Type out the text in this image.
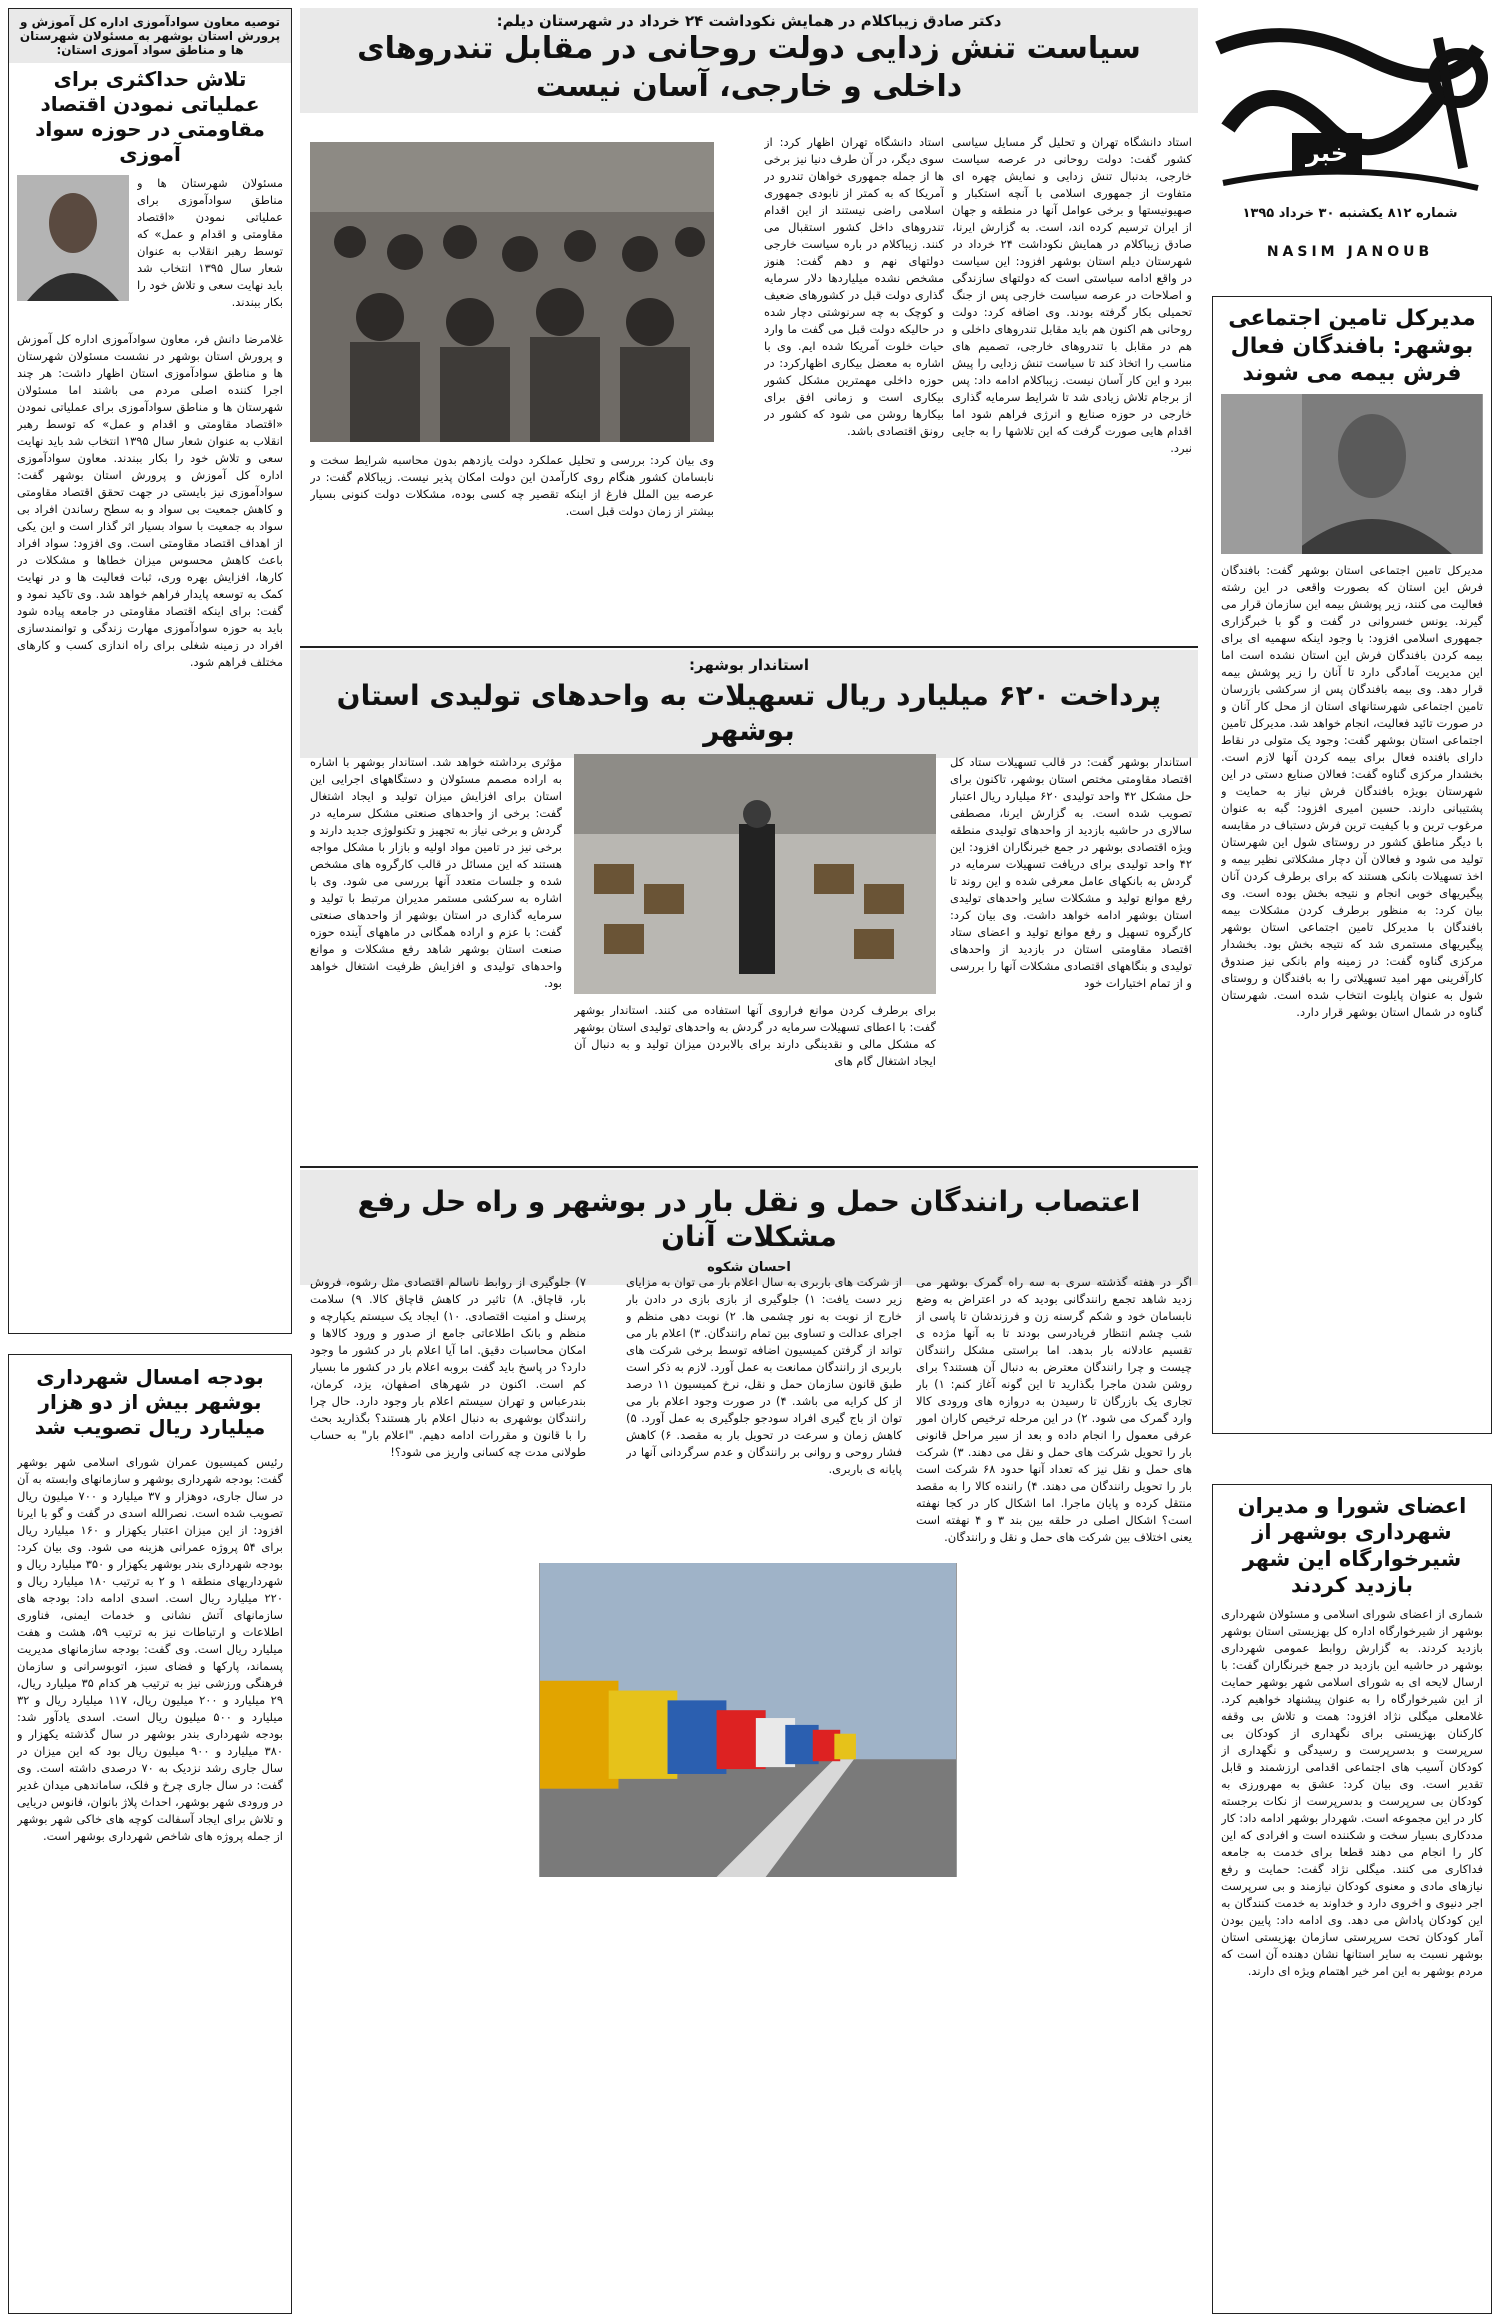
خبر
شماره ۸۱۲ یکشنبه ۳۰ خرداد ۱۳۹۵
NASIM JANOUB
مدیرکل تامین اجتماعی بوشهر: بافندگان فعال فرش بیمه می شوند
مدیرکل تامین اجتماعی استان بوشهر گفت: بافندگان فرش این استان که بصورت واقعی در این رشته فعالیت می کنند، زیر پوشش بیمه این سازمان قرار می گیرند. یونس خسروانی در گفت و گو با خبرگزاری جمهوری اسلامی افزود: با وجود اینکه سهمیه ای برای بیمه کردن بافندگان فرش این استان نشده است اما این مدیریت آمادگی دارد تا آنان را زیر پوشش بیمه قرار دهد. وی بیمه بافندگان پس از سرکشی بازرسان تامین اجتماعی شهرستانهای استان از محل کار آنان و در صورت تائید فعالیت، انجام خواهد شد. مدیرکل تامین اجتماعی استان بوشهر گفت: وجود یک متولی در نقاط دارای بافنده فعال برای بیمه کردن آنها لازم است. بخشدار مرکزی گناوه گفت: فعالان صنایع دستی در این شهرستان بویژه بافندگان فرش نیاز به حمایت و پشتیبانی دارند. حسین امیری افزود: گبه به عنوان مرغوب ترین و با کیفیت ترین فرش دستباف در مقایسه با دیگر مناطق کشور در روستای شول این شهرستان تولید می شود و فعالان آن دچار مشکلاتی نظیر بیمه و اخذ تسهیلات بانکی هستند که برای برطرف کردن آنان پیگیریهای خوبی انجام و نتیجه بخش بوده است. وی بیان کرد: به منظور برطرف کردن مشکلات بیمه بافندگان با مدیرکل تامین اجتماعی استان بوشهر پیگیریهای مستمری شد که نتیجه بخش بود. بخشدار مرکزی گناوه گفت: در زمینه وام بانکی نیز صندوق کارآفرینی مهر امید تسهیلاتی را به بافندگان و روستای شول به عنوان پایلوت انتخاب شده است. شهرستان گناوه در شمال استان بوشهر قرار دارد.
اعضای شورا و مدیران شهرداری بوشهر از شیرخوارگاه این شهر بازدید کردند
شماری از اعضای شورای اسلامی و مسئولان شهرداری بوشهر از شیرخوارگاه اداره کل بهزیستی استان بوشهر بازدید کردند. به گزارش روابط عمومی شهرداری بوشهر در حاشیه این بازدید در جمع خبرنگاران گفت: با ارسال لایحه ای به شورای اسلامی شهر بوشهر حمایت از این شیرخوارگاه را به عنوان پیشنهاد خواهیم کرد. غلامعلی میگلی نژاد افزود: همت و تلاش بی وقفه کارکنان بهزیستی برای نگهداری از کودکان بی سرپرست و بدسرپرست و رسیدگی و نگهداری از کودکان آسیب های اجتماعی اقدامی ارزشمند و قابل تقدیر است. وی بیان کرد: عشق به مهرورزی به کودکان بی سرپرست و بدسرپرست از نکات برجسته کار در این مجموعه است. شهردار بوشهر ادامه داد: کار مددکاری بسیار سخت و شکننده است و افرادی که این کار را انجام می دهند قطعا برای خدمت به جامعه فداکاری می کنند. میگلی نژاد گفت: حمایت و رفع نیازهای مادی و معنوی کودکان نیازمند و بی سرپرست اجر دنیوی و اخروی دارد و خداوند به خدمت کنندگان به این کودکان پاداش می دهد. وی ادامه داد: پایین بودن آمار کودکان تحت سرپرستی سازمان بهزیستی استان بوشهر نسبت به سایر استانها نشان دهنده آن است که مردم بوشهر به این امر خیر اهتمام ویژه ای دارند.
دکتر صادق زیباکلام در همایش نکوداشت ۲۴ خرداد در شهرستان دیلم:
سیاست تنش زدایی دولت روحانی در مقابل تندروهای داخلی و خارجی، آسان نیست
استاد دانشگاه تهران و تحلیل گر مسایل سیاسی کشور گفت: دولت روحانی در عرصه سیاست خارجی، بدنبال تنش زدایی و نمایش چهره ای متفاوت از جمهوری اسلامی با آنچه استکبار و صهیونیستها و برخی عوامل آنها در منطقه و جهان از ایران ترسیم کرده اند، است. به گزارش ایرنا، صادق زیباکلام در همایش نکوداشت ۲۴ خرداد در شهرستان دیلم استان بوشهر افزود: این سیاست در واقع ادامه سیاستی است که دولتهای سازندگی و اصلاحات در عرصه سیاست خارجی پس از جنگ تحمیلی بکار گرفته بودند. وی اضافه کرد: دولت روحانی هم اکنون هم باید مقابل تندروهای داخلی و هم در مقابل با تندروهای خارجی، تصمیم های مناسب را اتخاذ کند تا سیاست تنش زدایی را پیش ببرد و این کار آسان نیست. زیباکلام ادامه داد: پس از برجام تلاش زیادی شد تا شرایط سرمایه گذاری خارجی در حوزه صنایع و انرژی فراهم شود اما اقدام هایی صورت گرفت که این تلاشها را به جایی نبرد.
استاد دانشگاه تهران اظهار کرد: از سوی دیگر، در آن طرف دنیا نیز برخی ها از جمله جمهوری خواهان تندرو در آمریکا که به کمتر از نابودی جمهوری اسلامی راضی نیستند از این اقدام تندروهای داخل کشور استقبال می کنند. زیباکلام در باره سیاست خارجی دولتهای نهم و دهم گفت: هنوز مشخص نشده میلیاردها دلار سرمایه گذاری دولت قبل در کشورهای ضعیف و کوچک به چه سرنوشتی دچار شده در حالیکه دولت قبل می گفت ما وارد حیات خلوت آمریکا شده ایم. وی با اشاره به معضل بیکاری اظهارکرد: در حوزه داخلی مهمترین مشکل کشور بیکاری است و زمانی افق برای بیکارها روشن می شود که کشور در رونق اقتصادی باشد.
وی بیان کرد: بررسی و تحلیل عملکرد دولت یازدهم بدون محاسبه شرایط سخت و نابسامان کشور هنگام روی کارآمدن این دولت امکان پذیر نیست. زیباکلام گفت: در عرصه بین الملل فارغ از اینکه تقصیر چه کسی بوده، مشکلات دولت کنونی بسیار بیشتر از زمان دولت قبل است.
استاندار بوشهر:
پرداخت ۶۲۰ میلیارد ریال تسهیلات به واحدهای تولیدی استان بوشهر
استاندار بوشهر گفت: در قالب تسهیلات ستاد کل اقتصاد مقاومتی مختص استان بوشهر، تاکنون برای حل مشکل ۴۲ واحد تولیدی ۶۲۰ میلیارد ریال اعتبار تصویب شده است. به گزارش ایرنا، مصطفی سالاری در حاشیه بازدید از واحدهای تولیدی منطقه ویژه اقتصادی بوشهر در جمع خبرنگاران افزود: این ۴۲ واحد تولیدی برای دریافت تسهیلات سرمایه در گردش به بانکهای عامل معرفی شده و این روند تا رفع موانع تولید و مشکلات سایر واحدهای تولیدی استان بوشهر ادامه خواهد داشت. وی بیان کرد: کارگروه تسهیل و رفع موانع تولید و اعضای ستاد اقتصاد مقاومتی استان در بازدید از واحدهای تولیدی و بنگاههای اقتصادی مشکلات آنها را بررسی و از تمام اختیارات خود
برای برطرف کردن موانع فراروی آنها استفاده می کنند. استاندار بوشهر گفت: با اعطای تسهیلات سرمایه در گردش به واحدهای تولیدی استان بوشهر که مشکل مالی و نقدینگی دارند برای بالابردن میزان تولید و به دنبال آن ایجاد اشتغال گام های
مؤثری برداشته خواهد شد. استاندار بوشهر با اشاره به اراده مصمم مسئولان و دستگاههای اجرایی این استان برای افزایش میزان تولید و ایجاد اشتغال گفت: برخی از واحدهای صنعتی مشکل سرمایه در گردش و برخی نیاز به تجهیز و تکنولوژی جدید دارند و برخی نیز در تامین مواد اولیه و بازار با مشکل مواجه هستند که این مسائل در قالب کارگروه های مشخص شده و جلسات متعدد آنها بررسی می شود. وی با اشاره به سرکشی مستمر مدیران مرتبط با تولید و سرمایه گذاری در استان بوشهر از واحدهای صنعتی گفت: با عزم و اراده همگانی در ماههای آینده حوزه صنعت استان بوشهر شاهد رفع مشکلات و موانع واحدهای تولیدی و افزایش ظرفیت اشتغال خواهد بود.
اعتصاب رانندگان حمل و نقل بار در بوشهر و راه حل رفع مشکلات آنان
احسان شکوه
اگر در هفته گذشته سری به سه راه گمرک بوشهر می زدید شاهد تجمع رانندگانی بودید که در اعتراض به وضع نابسامان خود و شکم گرسنه زن و فرزندشان تا پاسی از شب چشم انتظار فریادرسی بودند تا به آنها مژده ی تقسیم عادلانه بار بدهد. اما براستی مشکل رانندگان چیست و چرا رانندگان معترض به دنبال آن هستند؟ برای روشن شدن ماجرا بگذارید تا این گونه آغاز کنم: ۱) بار تجاری یک بازرگان تا رسیدن به دروازه های ورودی کالا وارد گمرک می شود. ۲) در این مرحله ترخیص کاران امور عرفی معمول را انجام داده و بعد از سیر مراحل قانونی بار را تحویل شرکت های حمل و نقل می دهند. ۳) شرکت های حمل و نقل نیز که تعداد آنها حدود ۶۸ شرکت است بار را تحویل رانندگان می دهند. ۴) راننده کالا را به مقصد منتقل کرده و پایان ماجرا. اما اشکال کار در کجا نهفته است؟ اشکال اصلی در حلقه بین بند ۳ و ۴ نهفته است یعنی اختلاف بین شرکت های حمل و نقل و رانندگان.
از شرکت های باربری به سال اعلام بار می توان به مزایای زیر دست یافت: ۱) جلوگیری از بازی بازی در دادن بار خارج از نوبت به نور چشمی ها. ۲) نوبت دهی منظم و اجرای عدالت و تساوی بین تمام رانندگان. ۳) اعلام بار می تواند از گرفتن کمیسیون اضافه توسط برخی شرکت های باربری از رانندگان ممانعت به عمل آورد. لازم به ذکر است طبق قانون سازمان حمل و نقل، نرخ کمیسیون ۱۱ درصد از کل کرایه می باشد. ۴) در صورت وجود اعلام بار می توان از باج گیری افراد سودجو جلوگیری به عمل آورد. ۵) کاهش زمان و سرعت در تحویل بار به مقصد. ۶) کاهش فشار روحی و روانی بر رانندگان و عدم سرگردانی آنها در پایانه ی باربری.
۷) جلوگیری از روابط ناسالم اقتصادی مثل رشوه، فروش بار، قاچاق. ۸) تاثیر در کاهش قاچاق کالا. ۹) سلامت پرسنل و امنیت اقتصادی. ۱۰) ایجاد یک سیستم یکپارچه و منظم و بانک اطلاعاتی جامع از صدور و ورود کالاها و امکان محاسبات دقیق. اما آیا اعلام بار در کشور ما وجود دارد؟ در پاسخ باید گفت بروبه اعلام بار در کشور ما بسیار کم است. اکنون در شهرهای اصفهان، یزد، کرمان، بندرعباس و تهران سیستم اعلام بار وجود دارد. حال چرا رانندگان بوشهری به دنبال اعلام بار هستند؟ بگذارید بحث را با قانون و مقررات ادامه دهیم. "اعلام بار" به حساب طولانی مدت چه کسانی واریز می شود؟!
توصیه معاون سوادآموزی اداره کل آموزش و پرورش استان بوشهر به مسئولان شهرستان ها و مناطق سواد آموزی استان:
تلاش حداکثری برای عملیاتی نمودن اقتصاد مقاومتی در حوزه سواد آموزی
مسئولان شهرستان ها و مناطق سوادآموزی برای عملیاتی نمودن «اقتصاد مقاومتی و اقدام و عمل» که توسط رهبر انقلاب به عنوان شعار سال ۱۳۹۵ انتخاب شد باید نهایت سعی و تلاش خود را بکار ببندند.
غلامرضا دانش فر، معاون سوادآموزی اداره کل آموزش و پرورش استان بوشهر در نشست مسئولان شهرستان ها و مناطق سوادآموزی استان اظهار داشت: هر چند اجرا کننده اصلی مردم می باشند اما مسئولان شهرستان ها و مناطق سوادآموزی برای عملیاتی نمودن «اقتصاد مقاومتی و اقدام و عمل» که توسط رهبر انقلاب به عنوان شعار سال ۱۳۹۵ انتخاب شد باید نهایت سعی و تلاش خود را بکار ببندند. معاون سوادآموزی اداره کل آموزش و پرورش استان بوشهر گفت: سوادآموزی نیز بایستی در جهت تحقق اقتصاد مقاومتی و کاهش جمعیت بی سواد و به سطح رساندن افراد بی سواد به جمعیت با سواد بسیار اثر گذار است و این یکی از اهداف اقتصاد مقاومتی است. وی افزود: سواد افراد باعث کاهش محسوس میزان خطاها و مشکلات در کارها، افزایش بهره وری، ثبات فعالیت ها و در نهایت کمک به توسعه پایدار فراهم خواهد شد. وی تاکید نمود و گفت: برای اینکه اقتصاد مقاومتی در جامعه پیاده شود باید به حوزه سوادآموزی مهارت زندگی و توانمندسازی افراد در زمینه شغلی برای راه اندازی کسب و کارهای مختلف فراهم شود.
بودجه امسال شهرداری بوشهر بیش از دو هزار میلیارد ریال تصویب شد
رئیس کمیسیون عمران شورای اسلامی شهر بوشهر گفت: بودجه شهرداری بوشهر و سازمانهای وابسته به آن در سال جاری، دوهزار و ۳۷ میلیارد و ۷۰۰ میلیون ریال تصویب شده است. نصرالله اسدی در گفت و گو با ایرنا افزود: از این میزان اعتبار یکهزار و ۱۶۰ میلیارد ریال برای ۵۴ پروژه عمرانی هزینه می شود. وی بیان کرد: بودجه شهرداری بندر بوشهر یکهزار و ۳۵۰ میلیارد ریال و شهرداریهای منطقه ۱ و ۲ به ترتیب ۱۸۰ میلیارد ریال و ۲۲۰ میلیارد ریال است. اسدی ادامه داد: بودجه های سازمانهای آتش نشانی و خدمات ایمنی، فناوری اطلاعات و ارتباطات نیز به ترتیب ۵۹، هشت و هفت میلیارد ریال است. وی گفت: بودجه سازمانهای مدیریت پسماند، پارکها و فضای سبز، اتوبوسرانی و سازمان فرهنگی ورزشی نیز به ترتیب هر کدام ۳۵ میلیارد ریال، ۲۹ میلیارد و ۲۰۰ میلیون ریال، ۱۱۷ میلیارد ریال و ۳۲ میلیارد و ۵۰۰ میلیون ریال است. اسدی یادآور شد: بودجه شهرداری بندر بوشهر در سال گذشته یکهزار و ۳۸۰ میلیارد و ۹۰۰ میلیون ریال بود که این میزان در سال جاری رشد نزدیک به ۷۰ درصدی داشته است. وی گفت: در سال جاری چرخ و فلک، ساماندهی میدان غدیر در ورودی شهر بوشهر، احداث پلاژ بانوان، فانوس دریایی و تلاش برای ایجاد آسفالت کوچه های خاکی شهر بوشهر از جمله پروژه های شاخص شهرداری بوشهر است.
